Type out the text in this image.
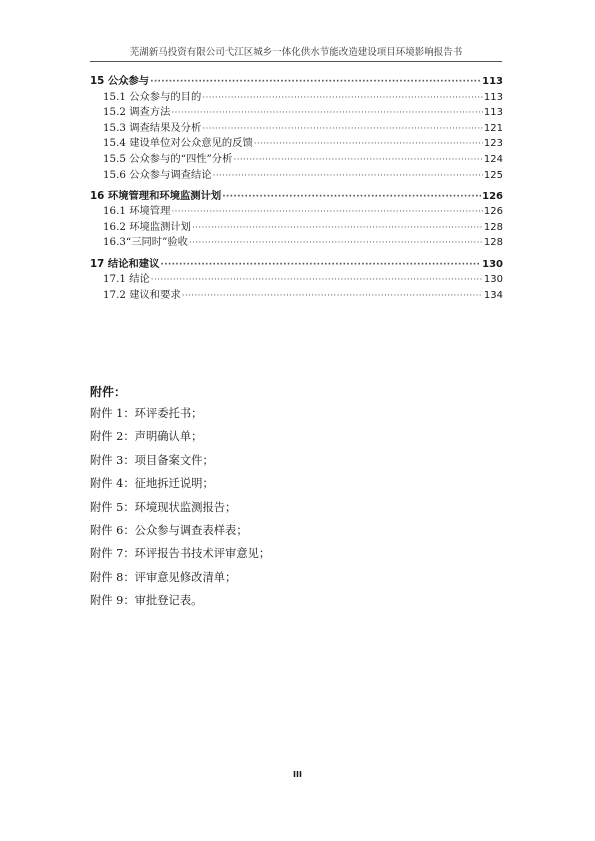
芜湖新马投资有限公司弋江区城乡一体化供水节能改造建设项目环境影响报告书
15 公众参与 ·····	113
15.1 公众参与的目的 ·····	113
15.2 调查方法 ·····	113
15.3 调查结果及分析 ·····	121
15.4 建设单位对公众意见的反馈 ·····	123
15.5 公众参与的“四性”分析 ·····	124
15.6 公众参与调查结论 ·····	125
16 环境管理和环境监测计划 ·····	126
16.1 环境管理 ·····	126
16.2 环境监测计划 ·····	128
16.3“三同时”验收 ·····	128
17 结论和建议 ·····	130
17.1 结论 ·····	130
17.2 建议和要求 ·····	134
附件：
附件 1：环评委托书；
附件 2：声明确认单；
附件 3：项目备案文件；
附件 4：征地拆迁说明；
附件 5：环境现状监测报告；
附件 6：公众参与调查表样表；
附件 7：环评报告书技术评审意见；
附件 8：评审意见修改清单；
附件 9：审批登记表。
III
